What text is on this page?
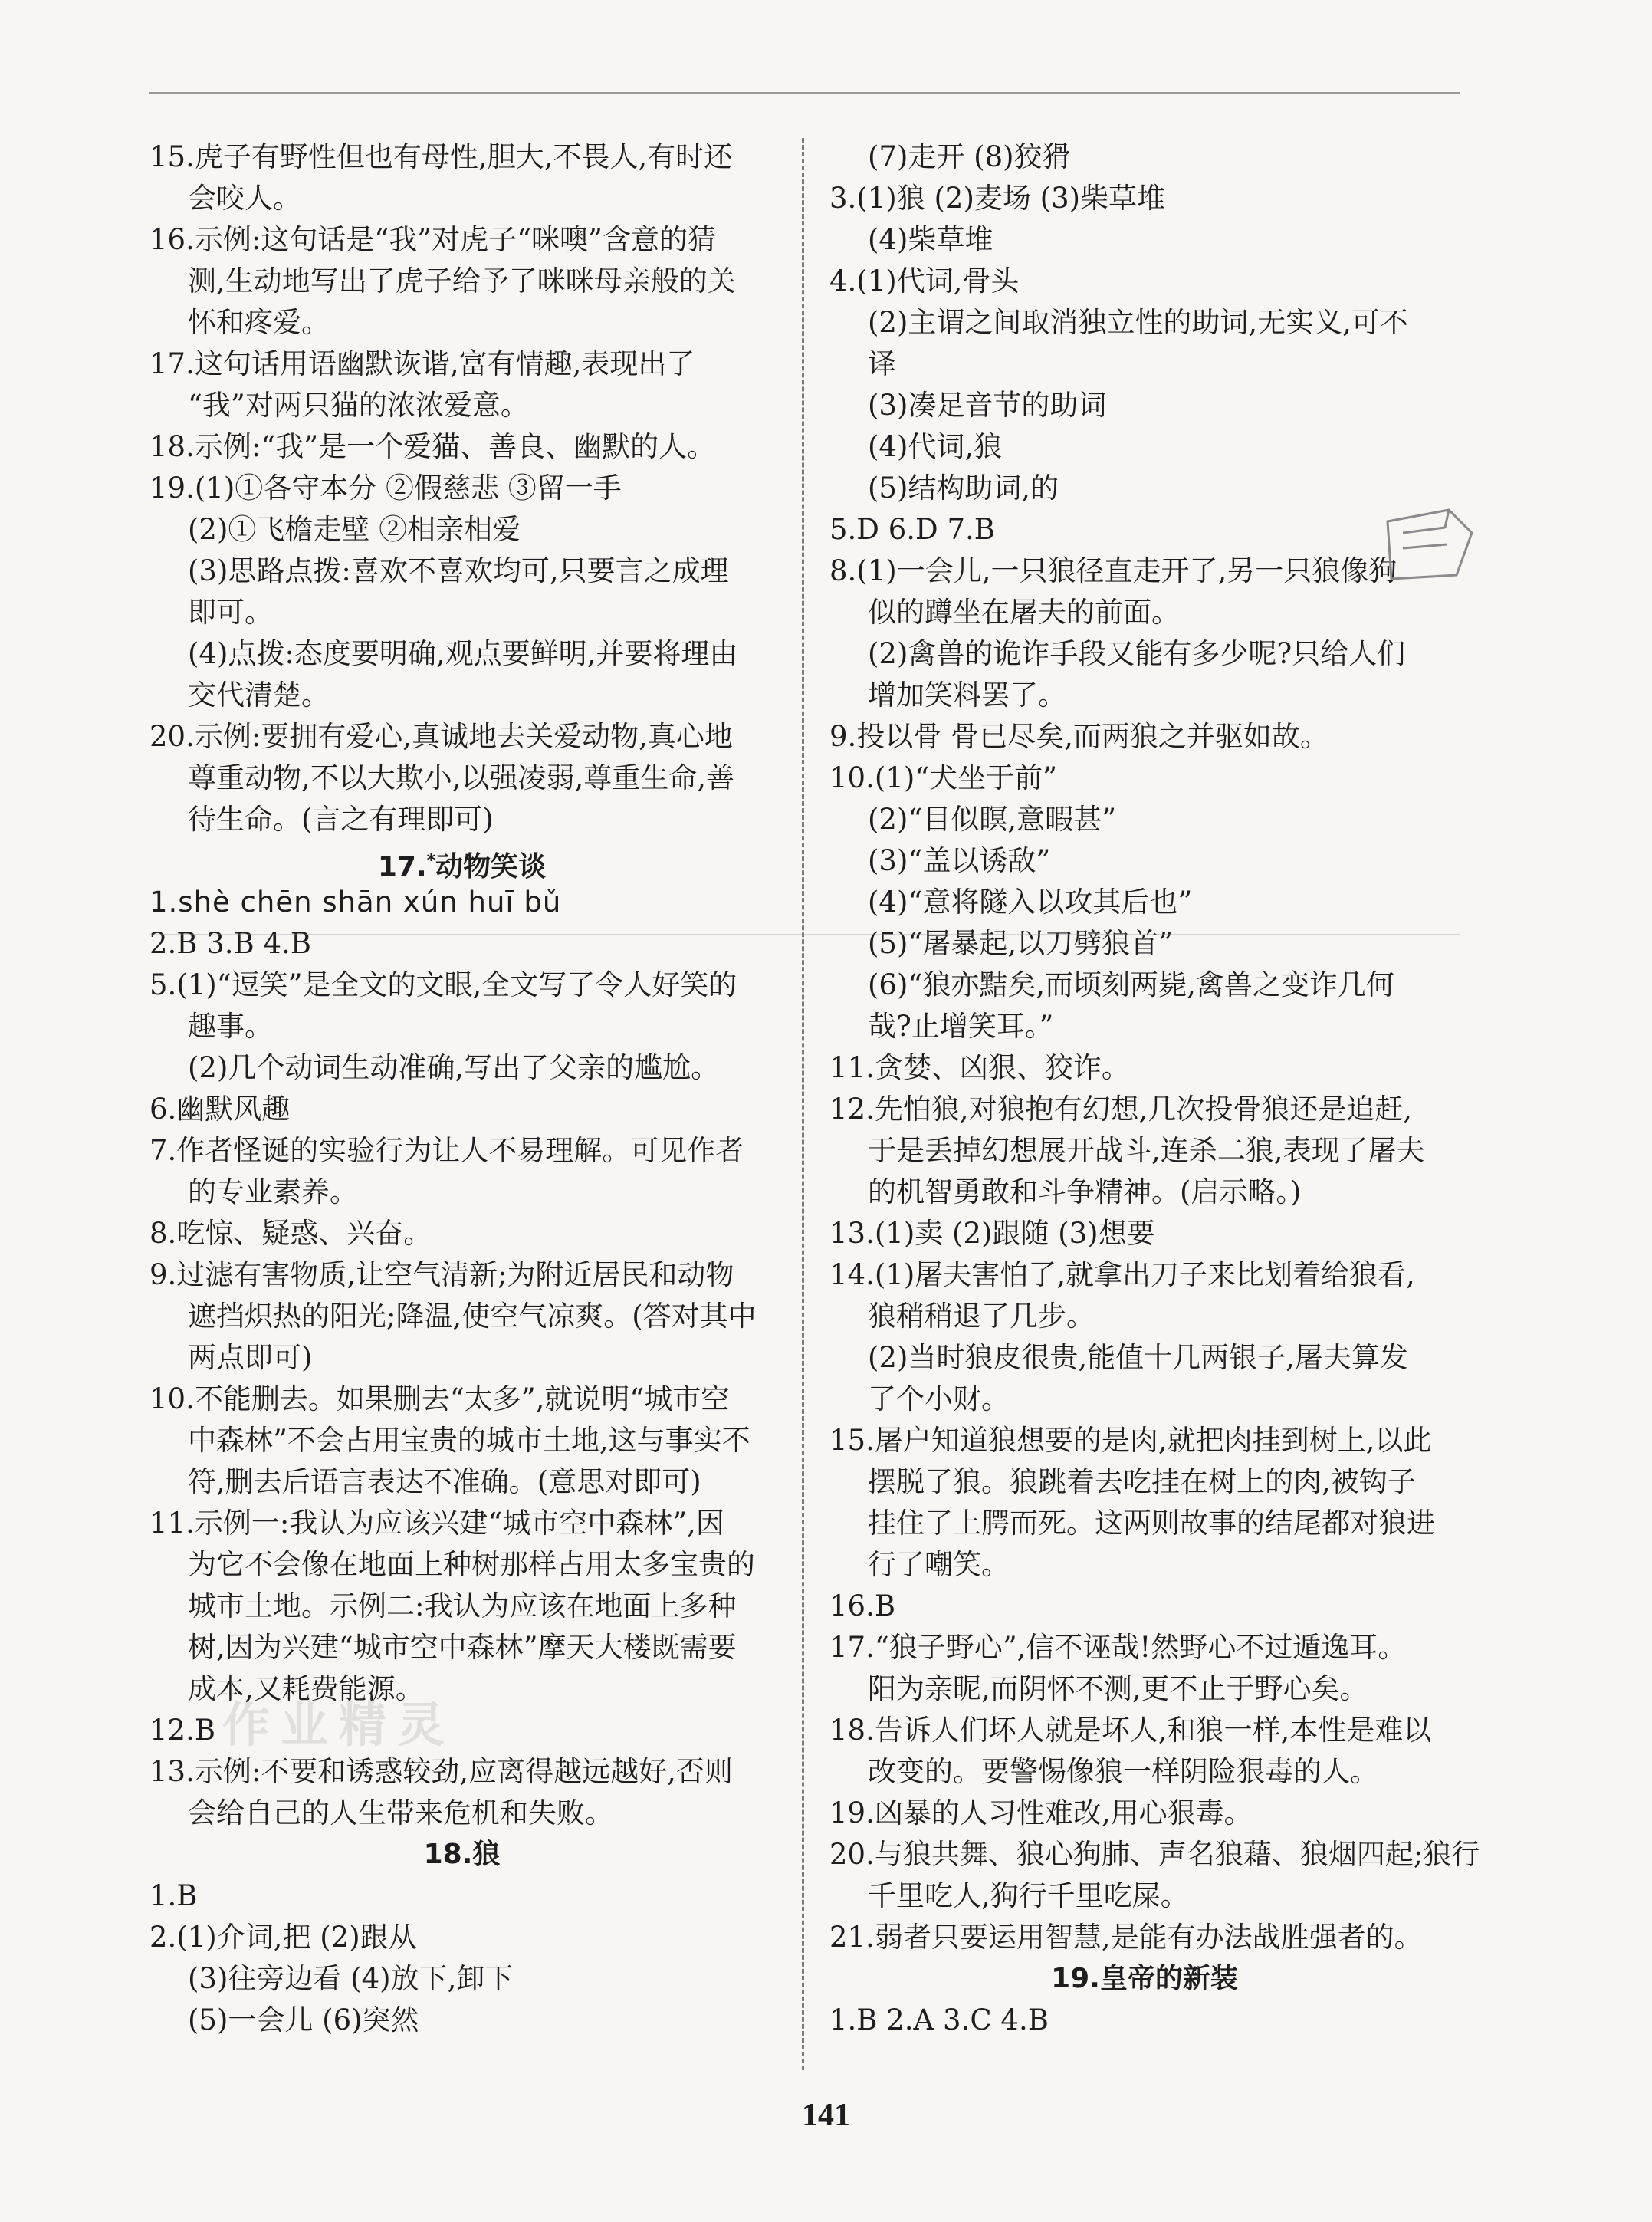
15.虎子有野性但也有母性,胆大,不畏人,有时还
会咬人。
16.示例:这句话是“我”对虎子“咪噢”含意的猜
测,生动地写出了虎子给予了咪咪母亲般的关
怀和疼爱。
17.这句话用语幽默诙谐,富有情趣,表现出了
“我”对两只猫的浓浓爱意。
18.示例:“我”是一个爱猫、善良、幽默的人。
19.(1)①各守本分 ②假慈悲 ③留一手
(2)①飞檐走壁 ②相亲相爱
(3)思路点拨:喜欢不喜欢均可,只要言之成理
即可。
(4)点拨:态度要明确,观点要鲜明,并要将理由
交代清楚。
20.示例:要拥有爱心,真诚地去关爱动物,真心地
尊重动物,不以大欺小,以强凌弱,尊重生命,善
待生命。(言之有理即可)
17.*动物笑谈
1.shè chēn shān xún huī bǔ
2.B 3.B 4.B
5.(1)“逗笑”是全文的文眼,全文写了令人好笑的
趣事。
(2)几个动词生动准确,写出了父亲的尴尬。
6.幽默风趣
7.作者怪诞的实验行为让人不易理解。可见作者
的专业素养。
8.吃惊、疑惑、兴奋。
9.过滤有害物质,让空气清新;为附近居民和动物
遮挡炽热的阳光;降温,使空气凉爽。(答对其中
两点即可)
10.不能删去。如果删去“太多”,就说明“城市空
中森林”不会占用宝贵的城市土地,这与事实不
符,删去后语言表达不准确。(意思对即可)
11.示例一:我认为应该兴建“城市空中森林”,因
为它不会像在地面上种树那样占用太多宝贵的
城市土地。示例二:我认为应该在地面上多种
树,因为兴建“城市空中森林”摩天大楼既需要
成本,又耗费能源。
12.B
13.示例:不要和诱惑较劲,应离得越远越好,否则
会给自己的人生带来危机和失败。
18.狼
1.B
2.(1)介词,把 (2)跟从
(3)往旁边看 (4)放下,卸下
(5)一会儿 (6)突然
(7)走开 (8)狡猾
3.(1)狼 (2)麦场 (3)柴草堆
(4)柴草堆
4.(1)代词,骨头
(2)主谓之间取消独立性的助词,无实义,可不
译
(3)凑足音节的助词
(4)代词,狼
(5)结构助词,的
5.D 6.D 7.B
8.(1)一会儿,一只狼径直走开了,另一只狼像狗
似的蹲坐在屠夫的前面。
(2)禽兽的诡诈手段又能有多少呢?只给人们
增加笑料罢了。
9.投以骨 骨已尽矣,而两狼之并驱如故。
10.(1)“犬坐于前”
(2)“目似瞑,意暇甚”
(3)“盖以诱敌”
(4)“意将隧入以攻其后也”
(5)“屠暴起,以刀劈狼首”
(6)“狼亦黠矣,而顷刻两毙,禽兽之变诈几何
哉?止增笑耳。”
11.贪婪、凶狠、狡诈。
12.先怕狼,对狼抱有幻想,几次投骨狼还是追赶,
于是丢掉幻想展开战斗,连杀二狼,表现了屠夫
的机智勇敢和斗争精神。(启示略。)
13.(1)卖 (2)跟随 (3)想要
14.(1)屠夫害怕了,就拿出刀子来比划着给狼看,
狼稍稍退了几步。
(2)当时狼皮很贵,能值十几两银子,屠夫算发
了个小财。
15.屠户知道狼想要的是肉,就把肉挂到树上,以此
摆脱了狼。狼跳着去吃挂在树上的肉,被钩子
挂住了上腭而死。这两则故事的结尾都对狼进
行了嘲笑。
16.B
17.“狼子野心”,信不诬哉!然野心不过遁逸耳。
阳为亲昵,而阴怀不测,更不止于野心矣。
18.告诉人们坏人就是坏人,和狼一样,本性是难以
改变的。要警惕像狼一样阴险狠毒的人。
19.凶暴的人习性难改,用心狠毒。
20.与狼共舞、狼心狗肺、声名狼藉、狼烟四起;狼行
千里吃人,狗行千里吃屎。
21.弱者只要运用智慧,是能有办法战胜强者的。
19.皇帝的新装
1.B 2.A 3.C 4.B
作业精灵
141
